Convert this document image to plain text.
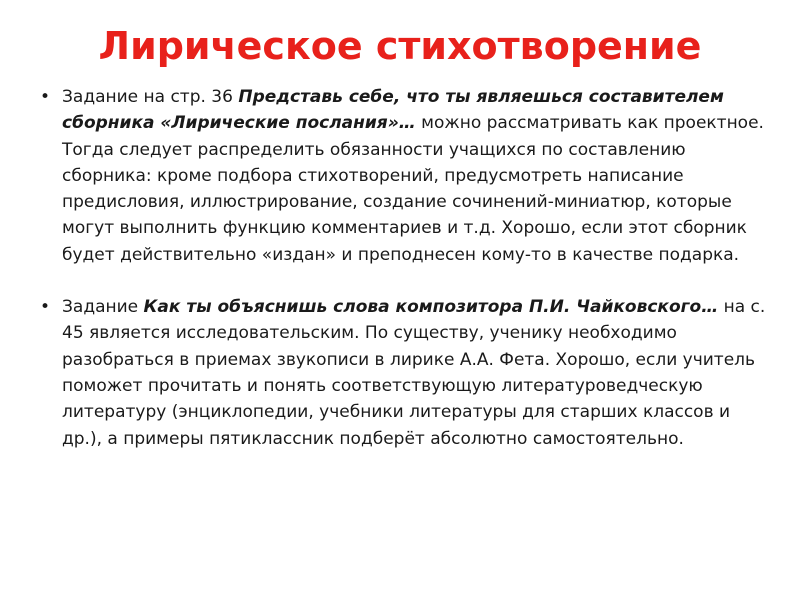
Лирическое стихотворение
• Задание на стр. 36 Представь себе, что ты являешься составителем сборника «Лирические послания»… можно рассматривать как проектное. Тогда следует распределить обязанности учащихся по составлению сборника: кроме подбора стихотворений, предусмотреть написание предисловия, иллюстрирование, создание сочинений-миниатюр, которые могут выполнить функцию комментариев и т.д. Хорошо, если этот сборник будет действительно «издан» и преподнесен кому-то в качестве подарка.
• Задание Как ты объяснишь слова композитора П.И. Чайковского… на с. 45 является исследовательским. По существу, ученику необходимо разобраться в приемах звукописи в лирике А.А. Фета. Хорошо, если учитель поможет прочитать и понять соответствующую литературоведческую литературу (энциклопедии, учебники литературы для старших классов и др.), а примеры пятиклассник подберёт абсолютно самостоятельно.
